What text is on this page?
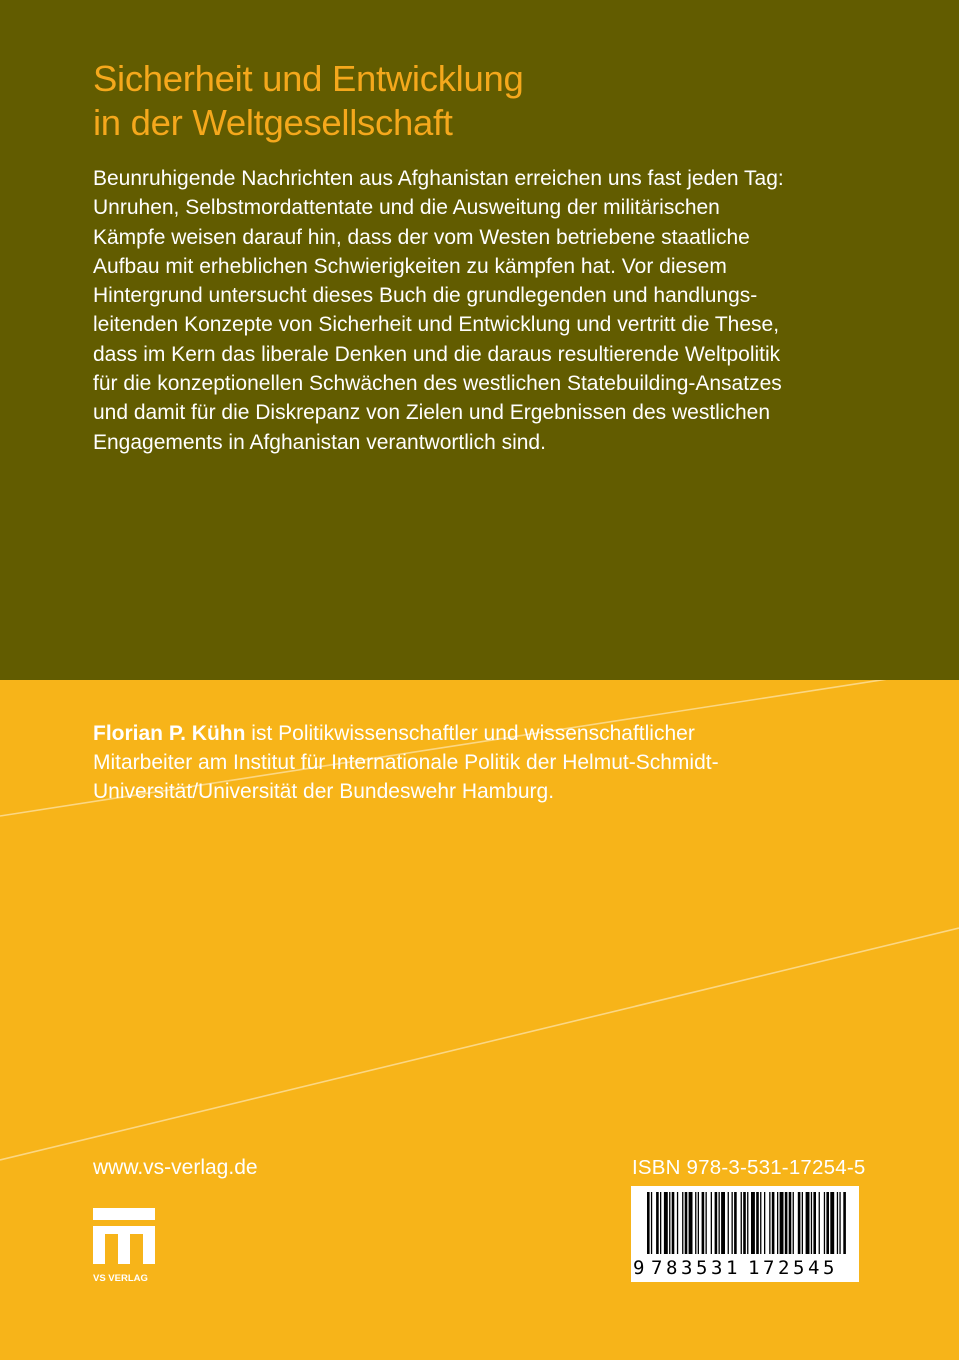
Sicherheit und Entwicklung
in der Weltgesellschaft

Beunruhigende Nachrichten aus Afghanistan erreichen uns fast jeden Tag:
Unruhen, Selbstmordattentate und die Ausweitung der militärischen
Kämpfe weisen darauf hin, dass der vom Westen betriebene staatliche
Aufbau mit erheblichen Schwierigkeiten zu kämpfen hat. Vor diesem
Hintergrund untersucht dieses Buch die grundlegenden und handlungs-
leitenden Konzepte von Sicherheit und Entwicklung und vertritt die These,
dass im Kern das liberale Denken und die daraus resultierende Weltpolitik
für die konzeptionellen Schwächen des westlichen Statebuilding-Ansatzes
und damit für die Diskrepanz von Zielen und Ergebnissen des westlichen
Engagements in Afghanistan verantwortlich sind.

Florian P. Kühn ist Politikwissenschaftler und wissenschaftlicher
Mitarbeiter am Institut für Internationale Politik der Helmut-Schmidt-
Universität/Universität der Bundeswehr Hamburg.

www.vs-verlag.de
VS VERLAG
ISBN 978-3-531-17254-5
9 7 8 3 5 3 1 1 7 2 5 4 5
